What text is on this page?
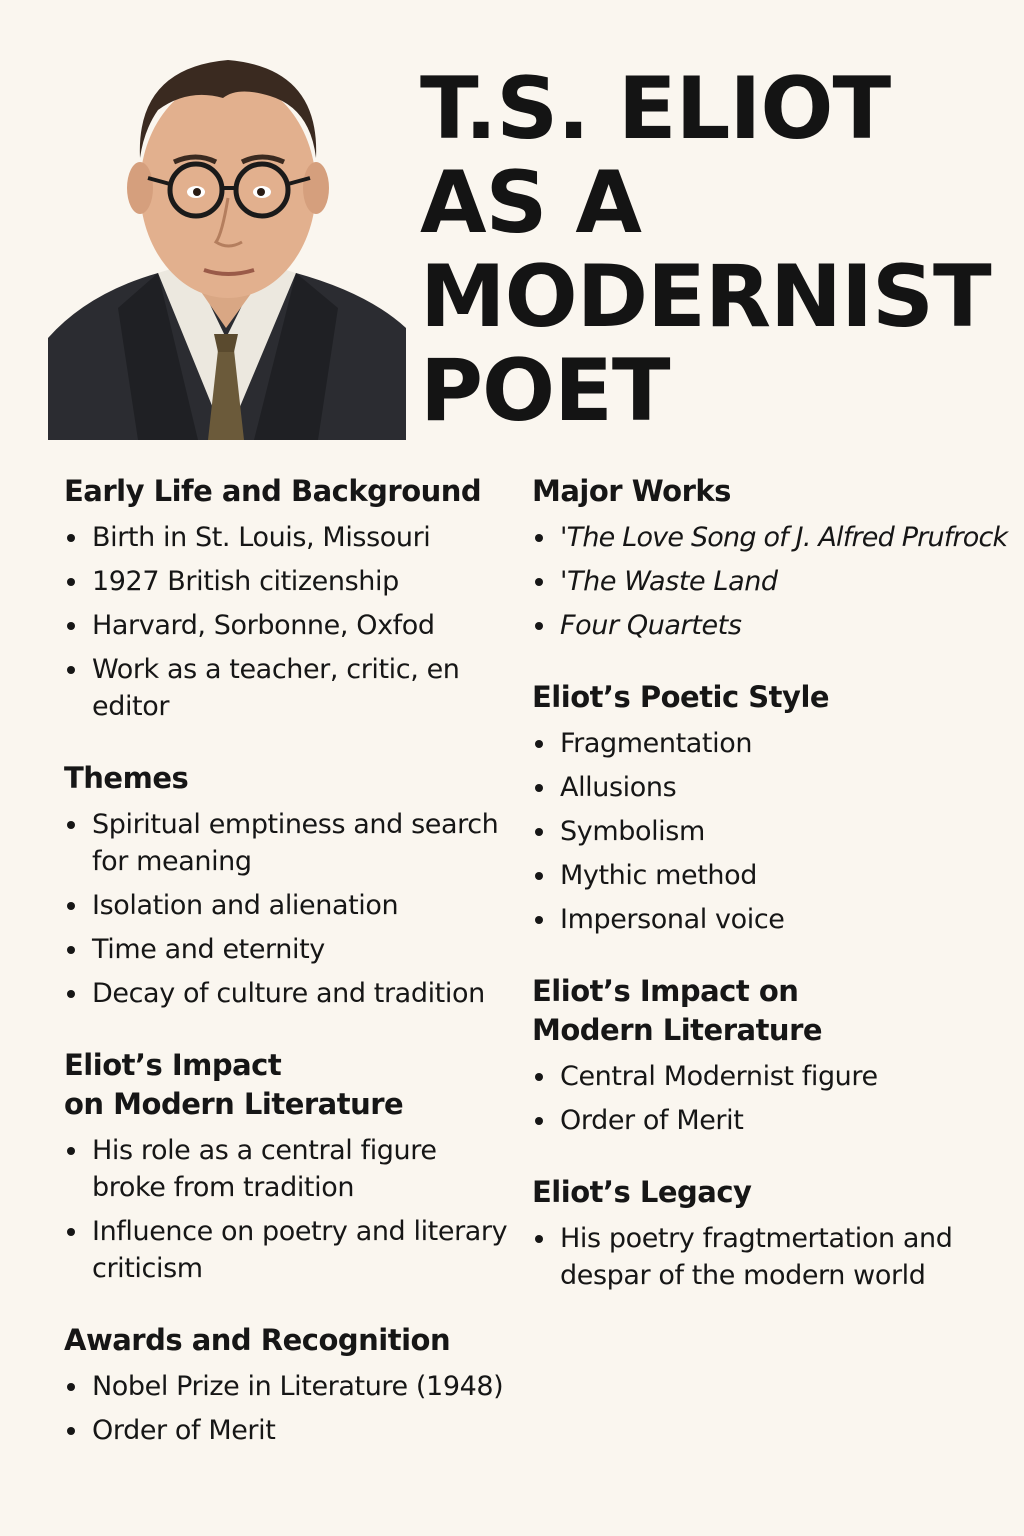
T.S. ELIOT
AS A
MODERNIST
POET
Early Life and Background
Birth in St. Louis, Missouri
1927 British citizenship
Harvard, Sorbonne, Oxfod
Work as a teacher, critic, en editor
Themes
Spiritual emptiness and search for meaning
Isolation and alienation
Time and eternity
Decay of culture and tradition
Eliot’s Impact
on Modern Literature
His role as a central figure broke from tradition
Influence on poetry and literary criticism
Awards and Recognition
Nobel Prize in Literature (1948)
Order of Merit
Major Works
'The Love Song of J. Alfred Prufrock
'The Waste Land
Four Quartets
Eliot’s Poetic Style
Fragmentation
Allusions
Symbolism
Mythic method
Impersonal voice
Eliot’s Impact on
Modern Literature
Central Modernist figure
Order of Merit
Eliot’s Legacy
His poetry fragtmertation and despar of the modern world
